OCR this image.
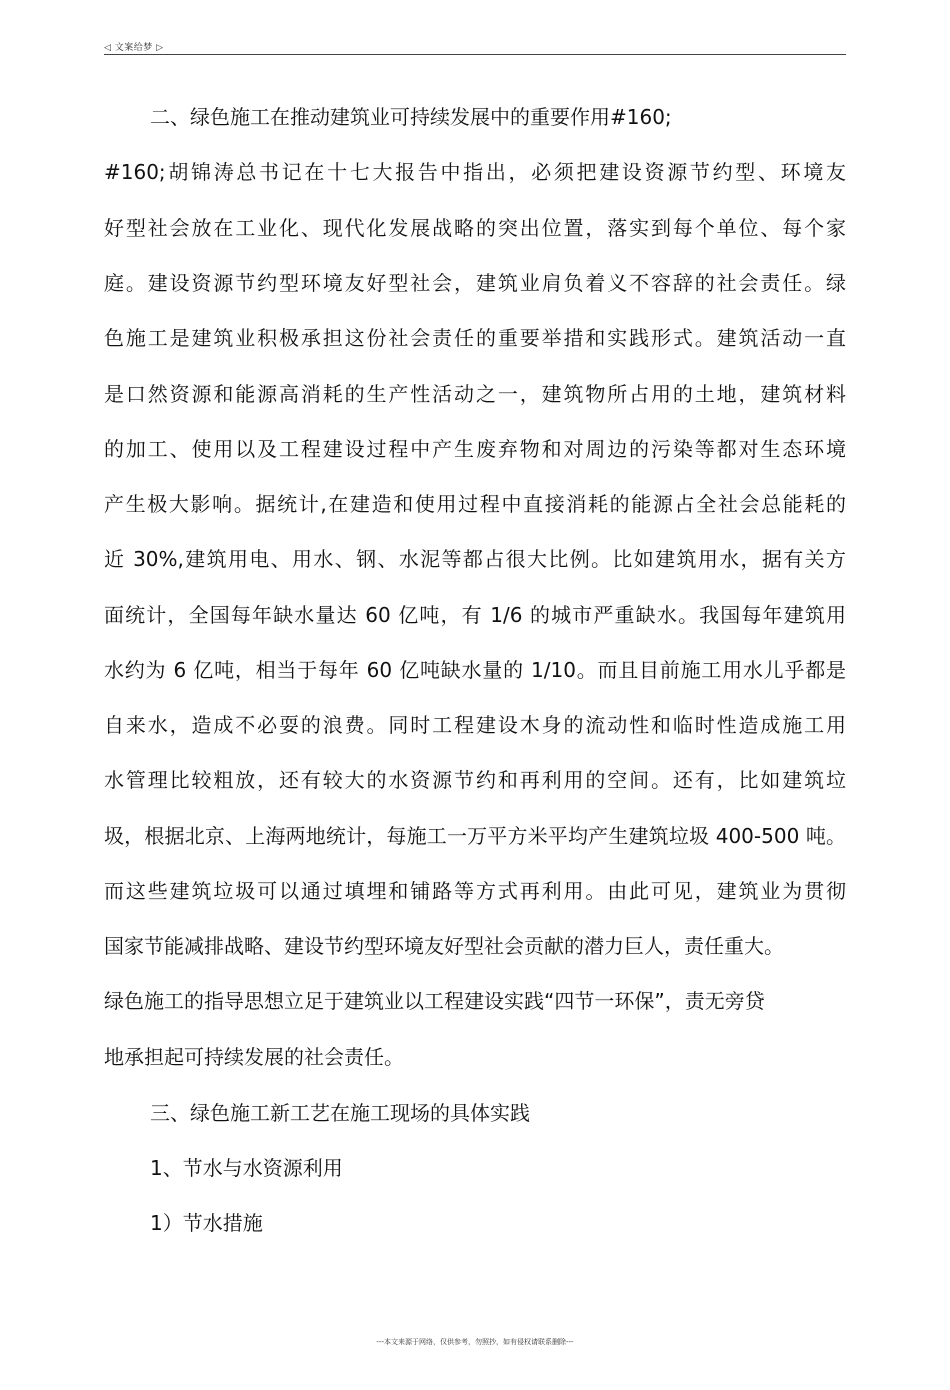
◁ 文案给梦 ▷
二、绿色施工在推动建筑业可持续发展中的重要作用#160;
#160;胡锦涛总书记在十七大报告中指出，必须把建设资源节约型、环境友
好型社会放在工业化、现代化发展战略的突出位置，落实到每个单位、每个家
庭。建设资源节约型环境友好型社会，建筑业肩负着义不容辞的社会责任。绿
色施工是建筑业积极承担这份社会责任的重要举措和实践形式。建筑活动一直
是口然资源和能源高消耗的生产性活动之一，建筑物所占用的土地，建筑材料
的加工、使用以及工程建设过程中产生废弃物和对周边的污染等都对生态环境
产生极大影响。据统计,在建造和使用过程中直接消耗的能源占全社会总能耗的
近 30%,建筑用电、用水、钢、水泥等都占很大比例。比如建筑用水，据有关方
面统计，全国每年缺水量达 60 亿吨，有 1/6 的城市严重缺水。我国每年建筑用
水约为 6 亿吨，相当于每年 60 亿吨缺水量的 1/10。而且目前施工用水儿乎都是
自来水，造成不必耍的浪费。同时工程建设木身的流动性和临时性造成施工用
水管理比较粗放，还有较大的水资源节约和再利用的空间。还有，比如建筑垃
圾，根据北京、上海两地统计，每施工一万平方米平均产生建筑垃圾 400-500 吨。
而这些建筑垃圾可以通过填埋和铺路等方式再利用。由此可见，建筑业为贯彻
国家节能减排战略、建设节约型环境友好型社会贡献的潜力巨人，责任重大。
绿色施工的指导思想立足于建筑业以工程建设实践“四节一环保”，责无旁贷
地承担起可持续发展的社会责任。
三、绿色施工新工艺在施工现场的具体实践
1、节水与水资源利用
1）节水措施
---本文来源于网络，仅供参考，勿照抄，如有侵权请联系删除---
